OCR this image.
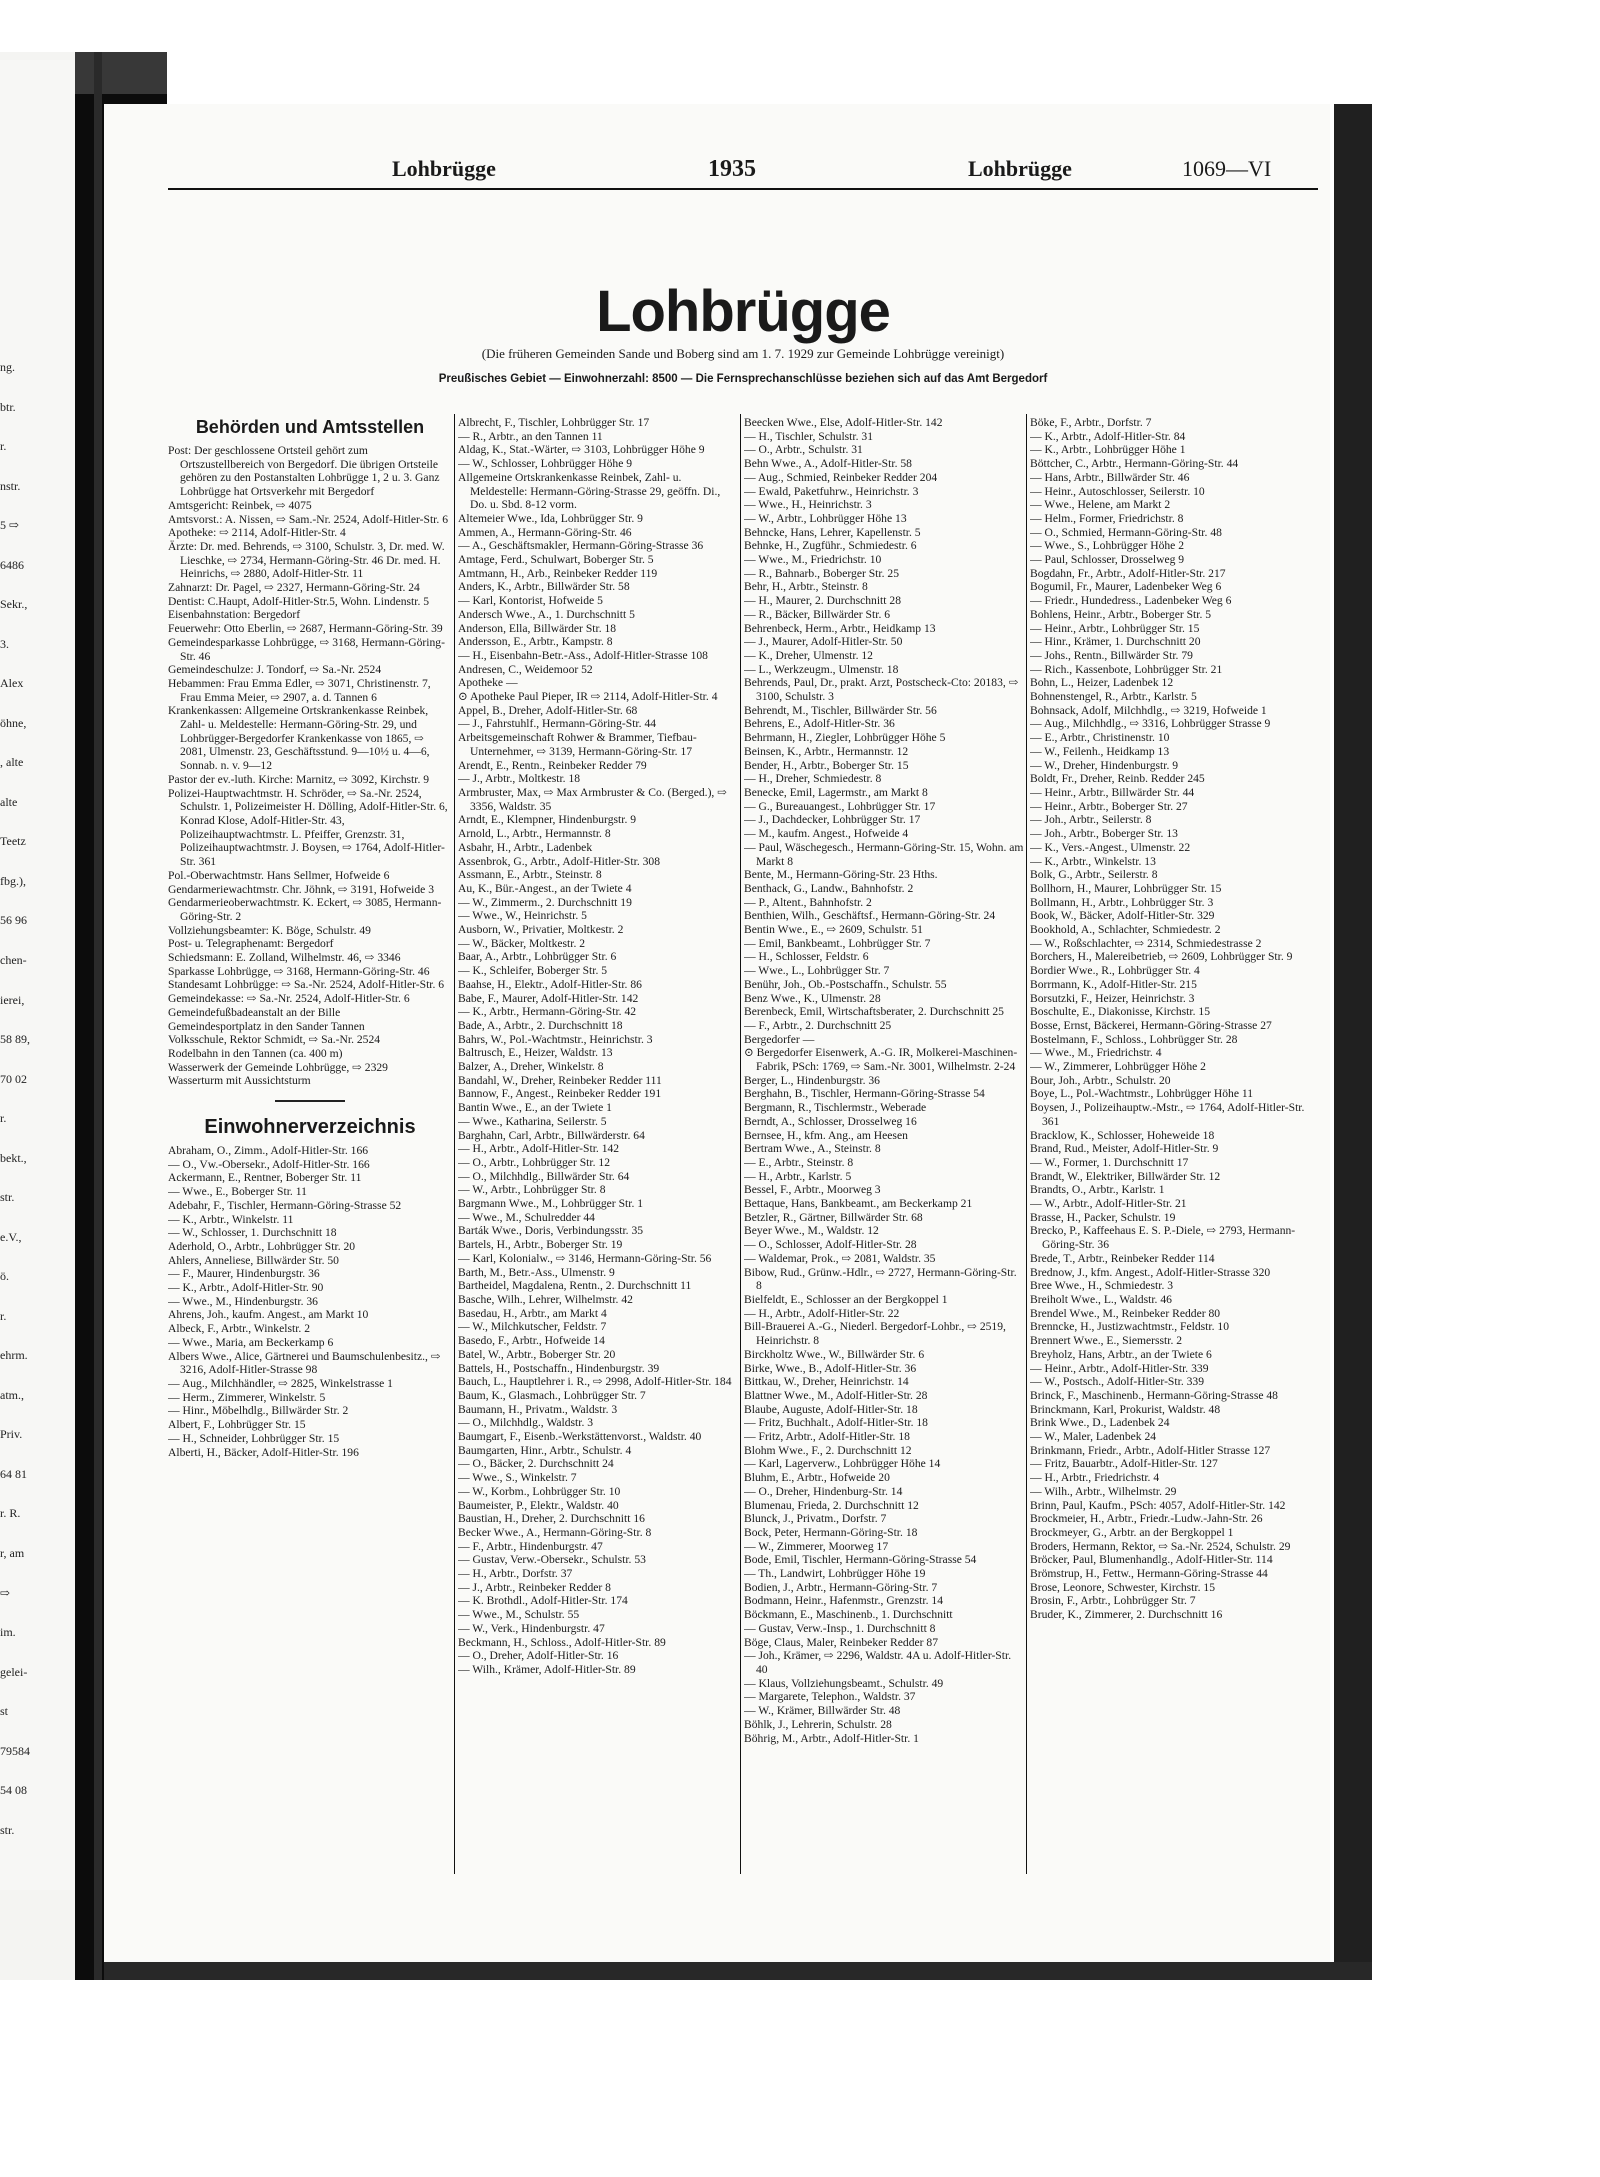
ng.
btr.
r.
nstr.
5 ⇨
6486
Sekr.,
3.
Alex
öhne,
, alte
alte
Teetz
fbg.),
56 96
chen-
ierei,
58 89,
70 02
r.
bekt.,
str.
e.V.,
ö.
r.
ehrm.
atm.,
Priv.
64 81
r. R.
r, am
⇨
im.
gelei-
st
79584
54 08
str.
Lohbrügge	1935	Lohbrügge	1069—VI
Lohbrügge
(Die früheren Gemeinden Sande und Boberg sind am 1. 7. 1929 zur Gemeinde Lohbrügge vereinigt)
Preußisches Gebiet — Einwohnerzahl: 8500 — Die Fernsprechanschlüsse beziehen sich auf das Amt Bergedorf
Behörden und Amtsstellen

Post: Der geschlossene Ortsteil gehört zum Ortszustellbereich von Bergedorf. Die übrigen Ortsteile gehören zu den Postanstalten Lohbrügge 1, 2 u. 3. Ganz Lohbrügge hat Ortsverkehr mit Bergedorf

Amtsgericht: Reinbek, ⇨ 4075

Amtsvorst.: A. Nissen, ⇨ Sam.-Nr. 2524, Adolf-Hitler-Str. 6

Apotheke: ⇨ 2114, Adolf-Hitler-Str. 4

Ärzte: Dr. med. Behrends, ⇨ 3100, Schulstr. 3, Dr. med. W. Lieschke, ⇨ 2734, Hermann-Göring-Str. 46 Dr. med. H. Heinrichs, ⇨ 2880, Adolf-Hitler-Str. 11

Zahnarzt: Dr. Pagel, ⇨ 2327, Hermann-Göring-Str. 24

Dentist: C.Haupt, Adolf-Hitler-Str.5, Wohn. Lindenstr. 5

Eisenbahnstation: Bergedorf

Feuerwehr: Otto Eberlin, ⇨ 2687, Hermann-Göring-Str. 39

Gemeindesparkasse Lohbrügge, ⇨ 3168, Hermann-Göring-Str. 46

Gemeindeschulze: J. Tondorf, ⇨ Sa.-Nr. 2524

Hebammen: Frau Emma Edler, ⇨ 3071, Christinenstr. 7, Frau Emma Meier, ⇨ 2907, a. d. Tannen 6

Krankenkassen: Allgemeine Ortskrankenkasse Reinbek, Zahl- u. Meldestelle: Hermann-Göring-Str. 29, und Lohbrügger-Bergedorfer Krankenkasse von 1865, ⇨ 2081, Ulmenstr. 23, Geschäftsstund. 9—10½ u. 4—6, Sonnab. n. v. 9—12

Pastor der ev.-luth. Kirche: Marnitz, ⇨ 3092, Kirchstr. 9

Polizei-Hauptwachtmstr. H. Schröder, ⇨ Sa.-Nr. 2524, Schulstr. 1, Polizeimeister H. Dölling, Adolf-Hitler-Str. 6, Konrad Klose, Adolf-Hitler-Str. 43, Polizeihauptwachtmstr. L. Pfeiffer, Grenzstr. 31, Polizeihauptwachtmstr. J. Boysen, ⇨ 1764, Adolf-Hitler-Str. 361

Pol.-Oberwachtmstr. Hans Sellmer, Hofweide 6

Gendarmeriewachtmstr. Chr. Jöhnk, ⇨ 3191, Hofweide 3

Gendarmerieoberwachtmstr. K. Eckert, ⇨ 3085, Hermann-Göring-Str. 2

Vollziehungsbeamter: K. Böge, Schulstr. 49

Post- u. Telegraphenamt: Bergedorf

Schiedsmann: E. Zolland, Wilhelmstr. 46, ⇨ 3346

Sparkasse Lohbrügge, ⇨ 3168, Hermann-Göring-Str. 46

Standesamt Lohbrügge: ⇨ Sa.-Nr. 2524, Adolf-Hitler-Str. 6

Gemeindekasse: ⇨ Sa.-Nr. 2524, Adolf-Hitler-Str. 6

Gemeindefußbadeanstalt an der Bille

Gemeindesportplatz in den Sander Tannen

Volksschule, Rektor Schmidt, ⇨ Sa.-Nr. 2524

Rodelbahn in den Tannen (ca. 400 m)

Wasserwerk der Gemeinde Lohbrügge, ⇨ 2329

Wasserturm mit Aussichtsturm

Einwohnerverzeichnis

Abraham, O., Zimm., Adolf-Hitler-Str. 166

— O., Vw.-Obersekr., Adolf-Hitler-Str. 166

Ackermann, E., Rentner, Boberger Str. 11

— Wwe., E., Boberger Str. 11

Adebahr, F., Tischler, Hermann-Göring-Strasse 52

— K., Arbtr., Winkelstr. 11

— W., Schlosser, 1. Durchschnitt 18

Aderhold, O., Arbtr., Lohbrügger Str. 20

Ahlers, Anneliese, Billwärder Str. 50

— F., Maurer, Hindenburgstr. 36

— K., Arbtr., Adolf-Hitler-Str. 90

— Wwe., M., Hindenburgstr. 36

Ahrens, Joh., kaufm. Angest., am Markt 10

Albeck, F., Arbtr., Winkelstr. 2

— Wwe., Maria, am Beckerkamp 6

Albers Wwe., Alice, Gärtnerei und Baumschulenbesitz., ⇨ 3216, Adolf-Hitler-Strasse 98

— Aug., Milchhändler, ⇨ 2825, Winkelstrasse 1

— Herm., Zimmerer, Winkelstr. 5

— Hinr., Möbelhdlg., Billwärder Str. 2

Albert, F., Lohbrügger Str. 15

— H., Schneider, Lohbrügger Str. 15

Alberti, H., Bäcker, Adolf-Hitler-Str. 196

Albrecht, F., Tischler, Lohbrügger Str. 17

— R., Arbtr., an den Tannen 11

Aldag, K., Stat.-Wärter, ⇨ 3103, Lohbrügger Höhe 9

— W., Schlosser, Lohbrügger Höhe 9

Allgemeine Ortskrankenkasse Reinbek, Zahl- u. Meldestelle: Hermann-Göring-Strasse 29, geöffn. Di., Do. u. Sbd. 8-12 vorm.

Altemeier Wwe., Ida, Lohbrügger Str. 9

Ammen, A., Hermann-Göring-Str. 46

— A., Geschäftsmakler, Hermann-Göring-Strasse 36

Amtage, Ferd., Schulwart, Boberger Str. 5

Amtmann, H., Arb., Reinbeker Redder 119

Anders, K., Arbtr., Billwärder Str. 58

— Karl, Kontorist, Hofweide 5

Andersch Wwe., A., 1. Durchschnitt 5

Anderson, Ella, Billwärder Str. 18

Andersson, E., Arbtr., Kampstr. 8

— H., Eisenbahn-Betr.-Ass., Adolf-Hitler-Strasse 108

Andresen, C., Weidemoor 52

Apotheke —

⊙ Apotheke Paul Pieper, IR ⇨ 2114, Adolf-Hitler-Str. 4

Appel, B., Dreher, Adolf-Hitler-Str. 68

— J., Fahrstuhlf., Hermann-Göring-Str. 44

Arbeitsgemeinschaft Rohwer & Brammer, Tiefbau-Unternehmer, ⇨ 3139, Hermann-Göring-Str. 17

Arendt, E., Rentn., Reinbeker Redder 79

— J., Arbtr., Moltkestr. 18

Armbruster, Max, ⇨ Max Armbruster & Co. (Berged.), ⇨ 3356, Waldstr. 35

Arndt, E., Klempner, Hindenburgstr. 9

Arnold, L., Arbtr., Hermannstr. 8

Asbahr, H., Arbtr., Ladenbek

Assenbrok, G., Arbtr., Adolf-Hitler-Str. 308

Assmann, E., Arbtr., Steinstr. 8

Au, K., Bür.-Angest., an der Twiete 4

— W., Zimmerm., 2. Durchschnitt 19

— Wwe., W., Heinrichstr. 5

Ausborn, W., Privatier, Moltkestr. 2

— W., Bäcker, Moltkestr. 2

Baar, A., Arbtr., Lohbrügger Str. 6

— K., Schleifer, Boberger Str. 5

Baahse, H., Elektr., Adolf-Hitler-Str. 86

Babe, F., Maurer, Adolf-Hitler-Str. 142

— K., Arbtr., Hermann-Göring-Str. 42

Bade, A., Arbtr., 2. Durchschnitt 18

Bahrs, W., Pol.-Wachtmstr., Heinrichstr. 3

Baltrusch, E., Heizer, Waldstr. 13

Balzer, A., Dreher, Winkelstr. 8

Bandahl, W., Dreher, Reinbeker Redder 111

Bannow, F., Angest., Reinbeker Redder 191

Bantin Wwe., E., an der Twiete 1

— Wwe., Katharina, Seilerstr. 5

Barghahn, Carl, Arbtr., Billwärderstr. 64

— H., Arbtr., Adolf-Hitler-Str. 142

— O., Arbtr., Lohbrügger Str. 12

— O., Milchhdlg., Billwärder Str. 64

— W., Arbtr., Lohbrügger Str. 8

Bargmann Wwe., M., Lohbrügger Str. 1

— Wwe., M., Schulredder 44

Barták Wwe., Doris, Verbindungsstr. 35

Bartels, H., Arbtr., Boberger Str. 19

— Karl, Kolonialw., ⇨ 3146, Hermann-Göring-Str. 56

Barth, M., Betr.-Ass., Ulmenstr. 9

Bartheidel, Magdalena, Rentn., 2. Durchschnitt 11

Basche, Wilh., Lehrer, Wilhelmstr. 42

Basedau, H., Arbtr., am Markt 4

— W., Milchkutscher, Feldstr. 7

Basedo, F., Arbtr., Hofweide 14

Batel, W., Arbtr., Boberger Str. 20

Battels, H., Postschaffn., Hindenburgstr. 39

Bauch, L., Hauptlehrer i. R., ⇨ 2998, Adolf-Hitler-Str. 184

Baum, K., Glasmach., Lohbrügger Str. 7

Baumann, H., Privatm., Waldstr. 3

— O., Milchhdlg., Waldstr. 3

Baumgart, F., Eisenb.-Werkstättenvorst., Waldstr. 40

Baumgarten, Hinr., Arbtr., Schulstr. 4

— O., Bäcker, 2. Durchschnitt 24

— Wwe., S., Winkelstr. 7

— W., Korbm., Lohbrügger Str. 10

Baumeister, P., Elektr., Waldstr. 40

Baustian, H., Dreher, 2. Durchschnitt 16

Becker Wwe., A., Hermann-Göring-Str. 8

— F., Arbtr., Hindenburgstr. 47

— Gustav, Verw.-Obersekr., Schulstr. 53

— H., Arbtr., Dorfstr. 37

— J., Arbtr., Reinbeker Redder 8

— K. Brothdl., Adolf-Hitler-Str. 174

— Wwe., M., Schulstr. 55

— W., Verk., Hindenburgstr. 47

Beckmann, H., Schloss., Adolf-Hitler-Str. 89

— O., Dreher, Adolf-Hitler-Str. 16

— Wilh., Krämer, Adolf-Hitler-Str. 89

Beecken Wwe., Else, Adolf-Hitler-Str. 142

— H., Tischler, Schulstr. 31

— O., Arbtr., Schulstr. 31

Behn Wwe., A., Adolf-Hitler-Str. 58

— Aug., Schmied, Reinbeker Redder 204

— Ewald, Paketfuhrw., Heinrichstr. 3

— Wwe., H., Heinrichstr. 3

— W., Arbtr., Lohbrügger Höhe 13

Behncke, Hans, Lehrer, Kapellenstr. 5

Behnke, H., Zugführ., Schmiedestr. 6

— Wwe., M., Friedrichstr. 10

— R., Bahnarb., Boberger Str. 25

Behr, H., Arbtr., Steinstr. 8

— H., Maurer, 2. Durchschnitt 28

— R., Bäcker, Billwärder Str. 6

Behrenbeck, Herm., Arbtr., Heidkamp 13

— J., Maurer, Adolf-Hitler-Str. 50

— K., Dreher, Ulmenstr. 12

— L., Werkzeugm., Ulmenstr. 18

Behrends, Paul, Dr., prakt. Arzt, Postscheck-Cto: 20183, ⇨ 3100, Schulstr. 3

Behrendt, M., Tischler, Billwärder Str. 56

Behrens, E., Adolf-Hitler-Str. 36

Behrmann, H., Ziegler, Lohbrügger Höhe 5

Beinsen, K., Arbtr., Hermannstr. 12

Bender, H., Arbtr., Boberger Str. 15

— H., Dreher, Schmiedestr. 8

Benecke, Emil, Lagermstr., am Markt 8

— G., Bureauangest., Lohbrügger Str. 17

— J., Dachdecker, Lohbrügger Str. 17

— M., kaufm. Angest., Hofweide 4

— Paul, Wäschegesch., Hermann-Göring-Str. 15, Wohn. am Markt 8

Bente, M., Hermann-Göring-Str. 23 Hths.

Benthack, G., Landw., Bahnhofstr. 2

— P., Altent., Bahnhofstr. 2

Benthien, Wilh., Geschäftsf., Hermann-Göring-Str. 24

Bentin Wwe., E., ⇨ 2609, Schulstr. 51

— Emil, Bankbeamt., Lohbrügger Str. 7

— H., Schlosser, Feldstr. 6

— Wwe., L., Lohbrügger Str. 7

Benühr, Joh., Ob.-Postschaffn., Schulstr. 55

Benz Wwe., K., Ulmenstr. 28

Berenbeck, Emil, Wirtschaftsberater, 2. Durchschnitt 25

— F., Arbtr., 2. Durchschnitt 25

Bergedorfer —

⊙ Bergedorfer Eisenwerk, A.-G. IR, Molkerei-Maschinen-Fabrik, PSch: 1769, ⇨ Sam.-Nr. 3001, Wilhelmstr. 2-24

Berger, L., Hindenburgstr. 36

Berghahn, B., Tischler, Hermann-Göring-Strasse 54

Bergmann, R., Tischlermstr., Weberade

Berndt, A., Schlosser, Drosselweg 16

Bernsee, H., kfm. Ang., am Heesen

Bertram Wwe., A., Steinstr. 8

— E., Arbtr., Steinstr. 8

— H., Arbtr., Karlstr. 5

Bessel, F., Arbtr., Moorweg 3

Bettaque, Hans, Bankbeamt., am Beckerkamp 21

Betzler, R., Gärtner, Billwärder Str. 68

Beyer Wwe., M., Waldstr. 12

— O., Schlosser, Adolf-Hitler-Str. 28

— Waldemar, Prok., ⇨ 2081, Waldstr. 35

Bibow, Rud., Grünw.-Hdlr., ⇨ 2727, Hermann-Göring-Str. 8

Bielfeldt, E., Schlosser an der Bergkoppel 1

— H., Arbtr., Adolf-Hitler-Str. 22

Bill-Brauerei A.-G., Niederl. Bergedorf-Lohbr., ⇨ 2519, Heinrichstr. 8

Birckholtz Wwe., W., Billwärder Str. 6

Birke, Wwe., B., Adolf-Hitler-Str. 36

Bittkau, W., Dreher, Heinrichstr. 14

Blattner Wwe., M., Adolf-Hitler-Str. 28

Blaube, Auguste, Adolf-Hitler-Str. 18

— Fritz, Buchhalt., Adolf-Hitler-Str. 18

— Fritz, Arbtr., Adolf-Hitler-Str. 18

Blohm Wwe., F., 2. Durchschnitt 12

— Karl, Lagerverw., Lohbrügger Höhe 14

Bluhm, E., Arbtr., Hofweide 20

— O., Dreher, Hindenburg-Str. 14

Blumenau, Frieda, 2. Durchschnitt 12

Blunck, J., Privatm., Dorfstr. 7

Bock, Peter, Hermann-Göring-Str. 18

— W., Zimmerer, Moorweg 17

Bode, Emil, Tischler, Hermann-Göring-Strasse 54

— Th., Landwirt, Lohbrügger Höhe 19

Bodien, J., Arbtr., Hermann-Göring-Str. 7

Bodmann, Heinr., Hafenmstr., Grenzstr. 14

Böckmann, E., Maschinenb., 1. Durchschnitt

— Gustav, Verw.-Insp., 1. Durchschnitt 8

Böge, Claus, Maler, Reinbeker Redder 87

— Joh., Krämer, ⇨ 2296, Waldstr. 4A u. Adolf-Hitler-Str. 40

— Klaus, Vollziehungsbeamt., Schulstr. 49

— Margarete, Telephon., Waldstr. 37

— W., Krämer, Billwärder Str. 48

Böhlk, J., Lehrerin, Schulstr. 28

Böhrig, M., Arbtr., Adolf-Hitler-Str. 1

Böke, F., Arbtr., Dorfstr. 7

— K., Arbtr., Adolf-Hitler-Str. 84

— K., Arbtr., Lohbrügger Höhe 1

Böttcher, C., Arbtr., Hermann-Göring-Str. 44

— Hans, Arbtr., Billwärder Str. 46

— Heinr., Autoschlosser, Seilerstr. 10

— Wwe., Helene, am Markt 2

— Helm., Former, Friedrichstr. 8

— O., Schmied, Hermann-Göring-Str. 48

— Wwe., S., Lohbrügger Höhe 2

— Paul, Schlosser, Drosselweg 9

Bogdahn, Fr., Arbtr., Adolf-Hitler-Str. 217

Bogumil, Fr., Maurer, Ladenbeker Weg 6

— Friedr., Hundedress., Ladenbeker Weg 6

Bohlens, Heinr., Arbtr., Boberger Str. 5

— Heinr., Arbtr., Lohbrügger Str. 15

— Hinr., Krämer, 1. Durchschnitt 20

— Johs., Rentn., Billwärder Str. 79

— Rich., Kassenbote, Lohbrügger Str. 21

Bohn, L., Heizer, Ladenbek 12

Bohnenstengel, R., Arbtr., Karlstr. 5

Bohnsack, Adolf, Milchhdlg., ⇨ 3219, Hofweide 1

— Aug., Milchhdlg., ⇨ 3316, Lohbrügger Strasse 9

— E., Arbtr., Christinenstr. 10

— W., Feilenh., Heidkamp 13

— W., Dreher, Hindenburgstr. 9

Boldt, Fr., Dreher, Reinb. Redder 245

— Heinr., Arbtr., Billwärder Str. 44

— Heinr., Arbtr., Boberger Str. 27

— Joh., Arbtr., Seilerstr. 8

— Joh., Arbtr., Boberger Str. 13

— K., Vers.-Angest., Ulmenstr. 22

— K., Arbtr., Winkelstr. 13

Bolk, G., Arbtr., Seilerstr. 8

Bollhorn, H., Maurer, Lohbrügger Str. 15

Bollmann, H., Arbtr., Lohbrügger Str. 3

Book, W., Bäcker, Adolf-Hitler-Str. 329

Bookhold, A., Schlachter, Schmiedestr. 2

— W., Roßschlachter, ⇨ 2314, Schmiedestrasse 2

Borchers, H., Malereibetrieb, ⇨ 2609, Lohbrügger Str. 9

Bordier Wwe., R., Lohbrügger Str. 4

Borrmann, K., Adolf-Hitler-Str. 215

Borsutzki, F., Heizer, Heinrichstr. 3

Boschulte, E., Diakonisse, Kirchstr. 15

Bosse, Ernst, Bäckerei, Hermann-Göring-Strasse 27

Bostelmann, F., Schloss., Lohbrügger Str. 28

— Wwe., M., Friedrichstr. 4

— W., Zimmerer, Lohbrügger Höhe 2

Bour, Joh., Arbtr., Schulstr. 20

Boye, L., Pol.-Wachtmstr., Lohbrügger Höhe 11

Boysen, J., Polizeihauptw.-Mstr., ⇨ 1764, Adolf-Hitler-Str. 361

Bracklow, K., Schlosser, Hoheweide 18

Brand, Rud., Meister, Adolf-Hitler-Str. 9

— W., Former, 1. Durchschnitt 17

Brandt, W., Elektriker, Billwärder Str. 12

Brandts, O., Arbtr., Karlstr. 1

— W., Arbtr., Adolf-Hitler-Str. 21

Brasse, H., Packer, Schulstr. 19

Brecko, P., Kaffeehaus E. S. P.-Diele, ⇨ 2793, Hermann-Göring-Str. 36

Brede, T., Arbtr., Reinbeker Redder 114

Brednow, J., kfm. Angest., Adolf-Hitler-Strasse 320

Bree Wwe., H., Schmiedestr. 3

Breiholt Wwe., L., Waldstr. 46

Brendel Wwe., M., Reinbeker Redder 80

Brenncke, H., Justizwachtmstr., Feldstr. 10

Brennert Wwe., E., Siemersstr. 2

Breyholz, Hans, Arbtr., an der Twiete 6

— Heinr., Arbtr., Adolf-Hitler-Str. 339

— W., Postsch., Adolf-Hitler-Str. 339

Brinck, F., Maschinenb., Hermann-Göring-Strasse 48

Brinckmann, Karl, Prokurist, Waldstr. 48

Brink Wwe., D., Ladenbek 24

— W., Maler, Ladenbek 24

Brinkmann, Friedr., Arbtr., Adolf-Hitler Strasse 127

— Fritz, Bauarbtr., Adolf-Hitler-Str. 127

— H., Arbtr., Friedrichstr. 4

— Wilh., Arbtr., Wilhelmstr. 29

Brinn, Paul, Kaufm., PSch: 4057, Adolf-Hitler-Str. 142

Brockmeier, H., Arbtr., Friedr.-Ludw.-Jahn-Str. 26

Brockmeyer, G., Arbtr. an der Bergkoppel 1

Broders, Hermann, Rektor, ⇨ Sa.-Nr. 2524, Schulstr. 29

Bröcker, Paul, Blumenhandlg., Adolf-Hitler-Str. 114

Brömstrup, H., Fettw., Hermann-Göring-Strasse 44

Brose, Leonore, Schwester, Kirchstr. 15

Brosin, F., Arbtr., Lohbrügger Str. 7

Bruder, K., Zimmerer, 2. Durchschnitt 16
